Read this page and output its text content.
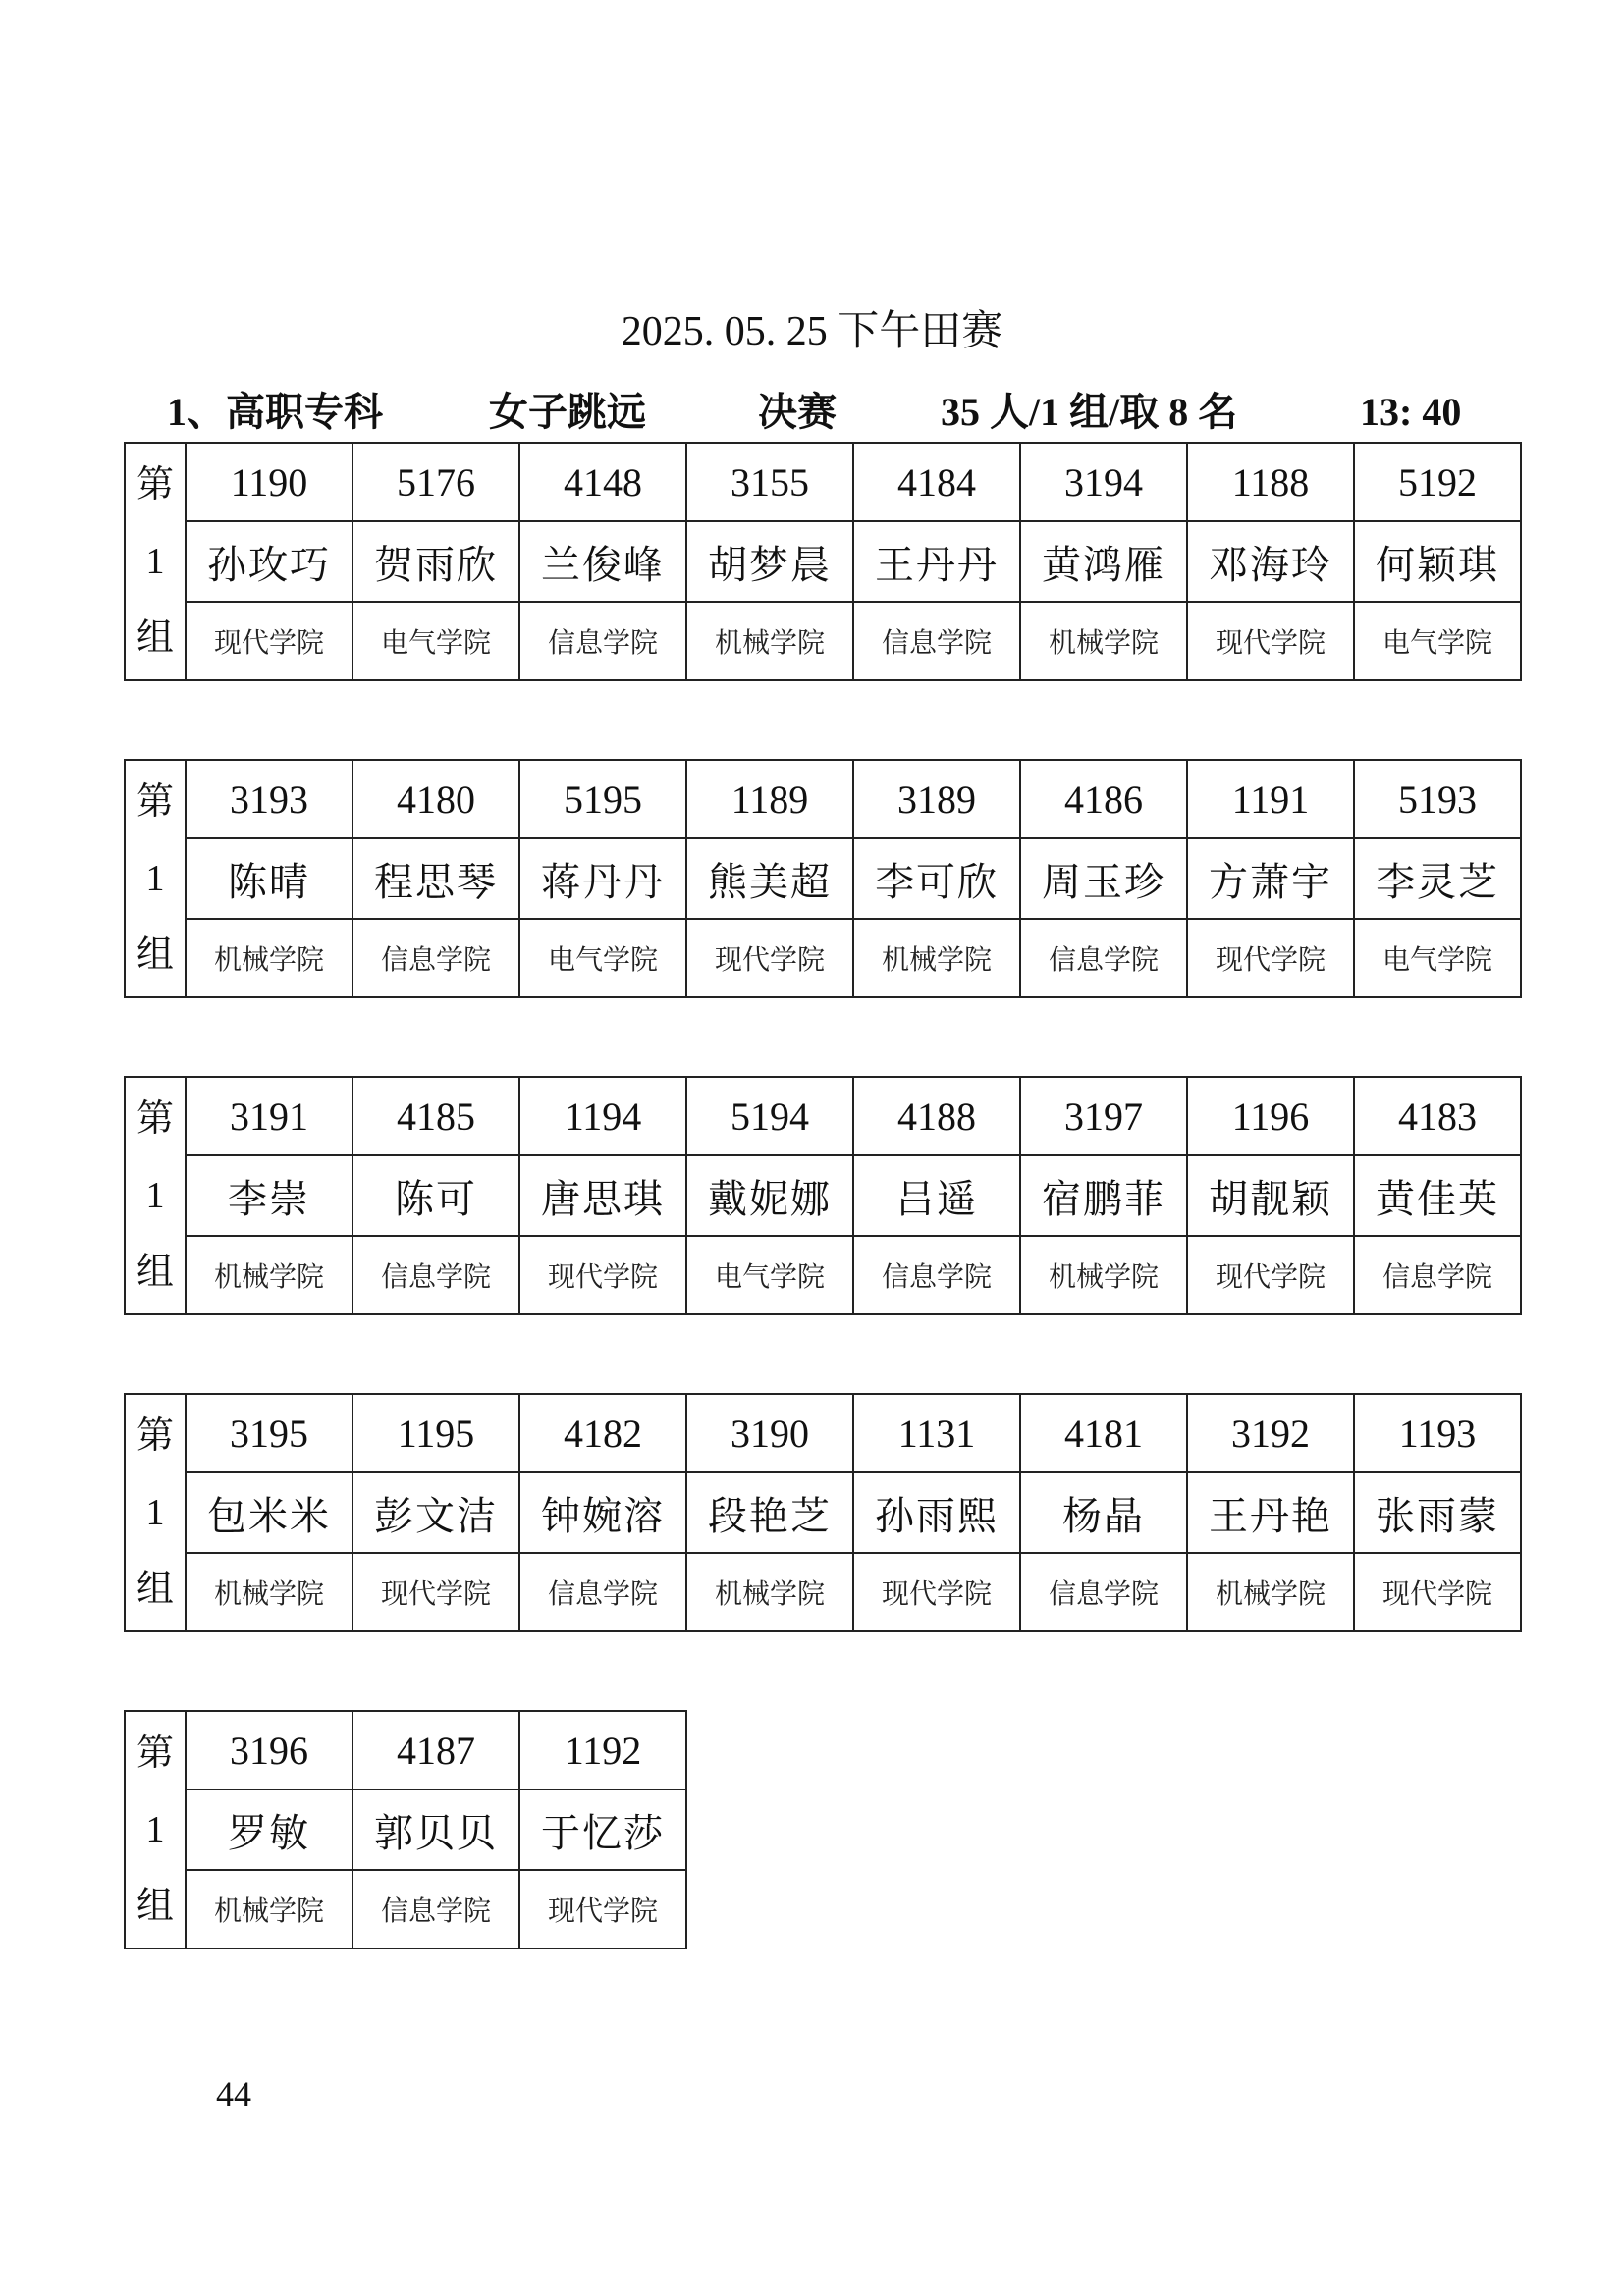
2025. 05. 25 下午田赛
1、高职专科	女子跳远	决赛	35 人/1 组/取 8 名	13: 40
第
1
组	1190	5176	4148	3155	4184	3194	1188	5192
	孙玫巧	贺雨欣	兰俊峰	胡梦晨	王丹丹	黄鸿雁	邓海玲	何颖琪
	现代学院	电气学院	信息学院	机械学院	信息学院	机械学院	现代学院	电气学院
第
1
组	3193	4180	5195	1189	3189	4186	1191	5193
	陈晴	程思琴	蒋丹丹	熊美超	李可欣	周玉珍	方萧宇	李灵芝
	机械学院	信息学院	电气学院	现代学院	机械学院	信息学院	现代学院	电气学院
第
1
组	3191	4185	1194	5194	4188	3197	1196	4183
	李崇	陈可	唐思琪	戴妮娜	吕遥	宿鹏菲	胡靓颖	黄佳英
	机械学院	信息学院	现代学院	电气学院	信息学院	机械学院	现代学院	信息学院
第
1
组	3195	1195	4182	3190	1131	4181	3192	1193
	包米米	彭文洁	钟婉溶	段艳芝	孙雨熙	杨晶	王丹艳	张雨蒙
	机械学院	现代学院	信息学院	机械学院	现代学院	信息学院	机械学院	现代学院
第
1
组	3196	4187	1192
	罗敏	郭贝贝	于忆莎
	机械学院	信息学院	现代学院
44
